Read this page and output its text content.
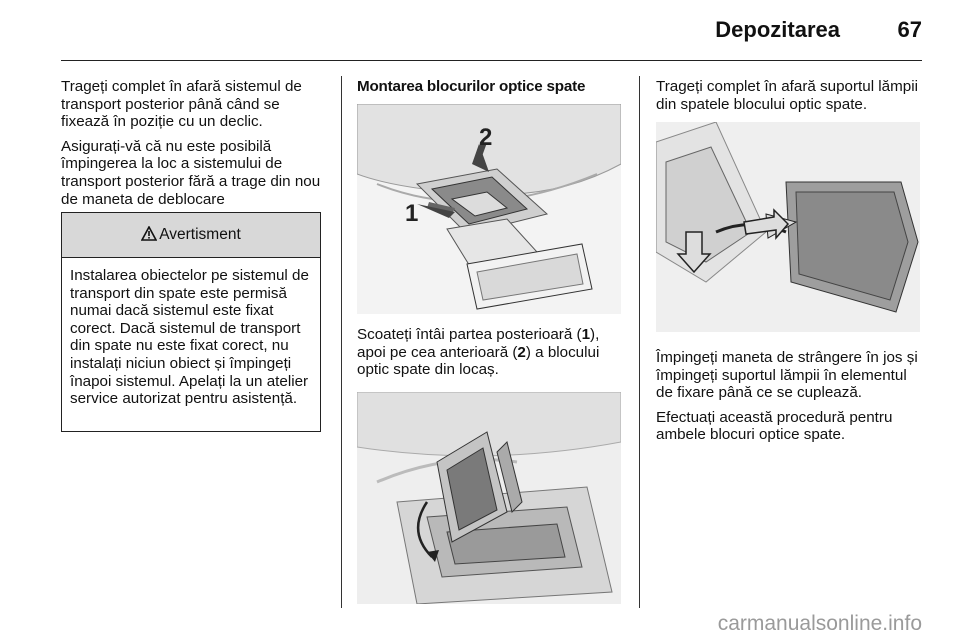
Depozitarea	67

Trageți complet în afară sistemul de transport posterior până când se fixează în poziție cu un declic.

Asigurați-vă că nu este posibilă împingerea la loc a sistemului de transport posterior fără a trage din nou de maneta de deblocare

Avertisment
Instalarea obiectelor pe sistemul de transport din spate este permisă numai dacă sistemul este fixat corect. Dacă sistemul de transport din spate nu este fixat corect, nu instalați niciun obiect și împingeți înapoi sistemul. Apelați la un atelier service autorizat pentru asistență.
Montarea blocurilor optice spate
1
2
Scoateți întâi partea posterioară (1), apoi pe cea anterioară (2) a blocului optic spate din locaș.

Trageți complet în afară suportul lămpii din spatele blocului optic spate.

Împingeți maneta de strângere în jos și împingeți suportul lămpii în elementul de fixare până ce se cuplează.

Efectuați această procedură pentru ambele blocuri optice spate.

carmanualsonline.info
